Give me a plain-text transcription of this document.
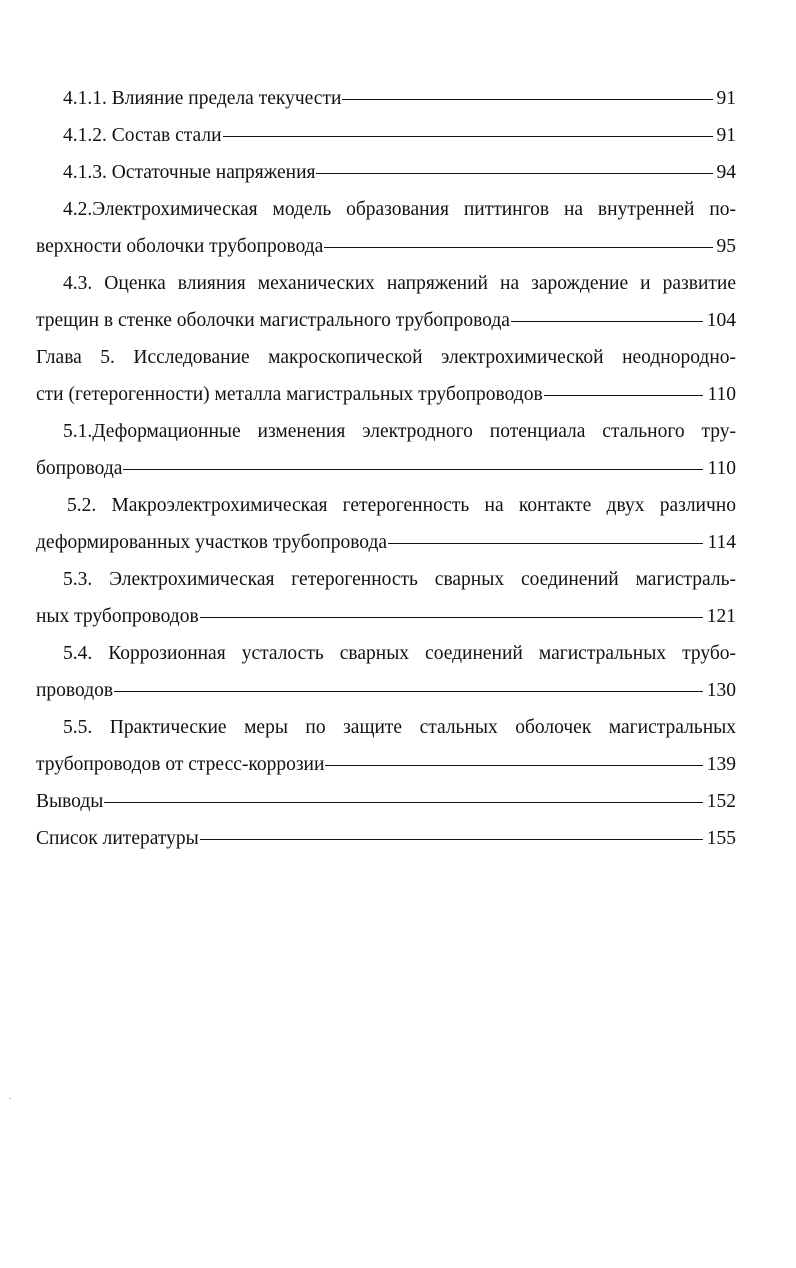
4.1.1. Влияние предела текучести	91
4.1.2. Состав стали	91
4.1.3. Остаточные напряжения	94
4.2.Электрохимическая модель образования питтингов на внутренней по-
верхности оболочки трубопровода	95
4.3. Оценка влияния механических напряжений на зарождение и развитие
трещин в стенке оболочки магистрального трубопровода	104
Глава 5. Исследование макроскопической электрохимической неоднородно-
сти (гетерогенности) металла магистральных трубопроводов	110
5.1.Деформационные изменения электродного потенциала стального тру-
бопровода	110
5.2. Макроэлектрохимическая гетерогенность на контакте двух различно
деформированных участков трубопровода	114
5.3. Электрохимическая гетерогенность сварных соединений магистраль-
ных трубопроводов	121
5.4. Коррозионная усталость сварных соединений магистральных трубо-
проводов	130
5.5. Практические меры по защите стальных оболочек магистральных
трубопроводов от стресс-коррозии	139
Выводы	152
Список литературы	155
